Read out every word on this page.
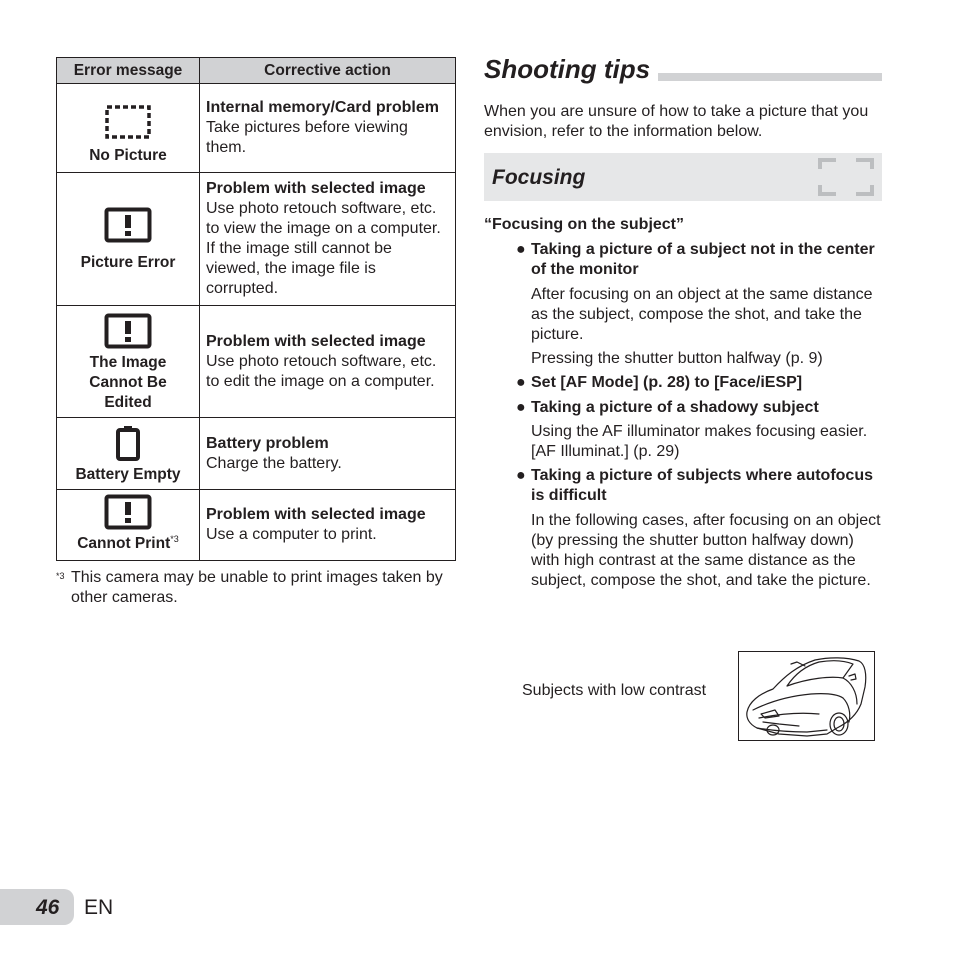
Error message	Corrective action

No Picture	Internal memory/Card problem
Take pictures before viewing them.

Picture Error	Problem with selected image
Use photo retouch software, etc. to view the image on a computer. If the image still cannot be viewed, the image file is corrupted.

The Image Cannot Be Edited	Problem with selected image
Use photo retouch software, etc. to edit the image on a computer.

Battery Empty	Battery problem
Charge the battery.

Cannot Print$^{*3}$	Problem with selected image
Use a computer to print.
*3 This camera may be unable to print images taken by other cameras.
Shooting tips
When you are unsure of how to take a picture that you envision, refer to the information below.
Focusing
“Focusing on the subject”
● Taking a picture of a subject not in the center of the monitor
After focusing on an object at the same distance as the subject, compose the shot, and take the picture.
Pressing the shutter button halfway (p. 9)
● Set [AF Mode] (p. 28) to [Face/iESP]
● Taking a picture of a shadowy subject
Using the AF illuminator makes focusing easier. [AF Illuminat.] (p. 29)
● Taking a picture of subjects where autofocus is difficult
In the following cases, after focusing on an object (by pressing the shutter button halfway down) with high contrast at the same distance as the subject, compose the shot, and take the picture.
Subjects with low contrast
46 EN
